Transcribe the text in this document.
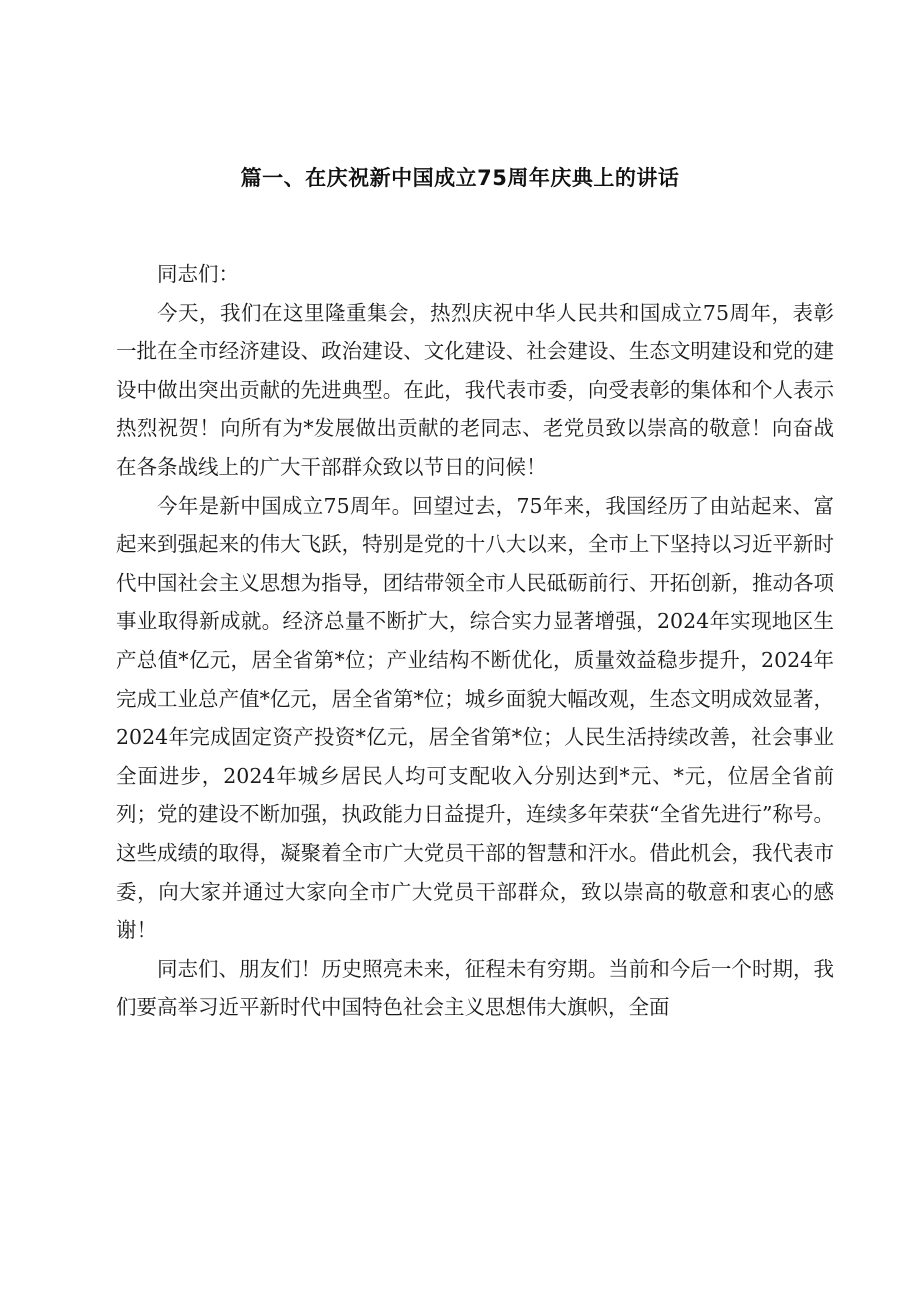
篇一、在庆祝新中国成立75周年庆典上的讲话

同志们：

今天，我们在这里隆重集会，热烈庆祝中华人民共和国成立75周年，表彰一批在全市经济建设、政治建设、文化建设、社会建设、生态文明建设和党的建设中做出突出贡献的先进典型。在此，我代表市委，向受表彰的集体和个人表示热烈祝贺！向所有为*发展做出贡献的老同志、老党员致以崇高的敬意！向奋战在各条战线上的广大干部群众致以节日的问候！

今年是新中国成立75周年。回望过去，75年来，我国经历了由站起来、富起来到强起来的伟大飞跃，特别是党的十八大以来，全市上下坚持以习近平新时代中国社会主义思想为指导，团结带领全市人民砥砺前行、开拓创新，推动各项事业取得新成就。经济总量不断扩大，综合实力显著增强，2024年实现地区生产总值*亿元，居全省第*位；产业结构不断优化，质量效益稳步提升，2024年完成工业总产值*亿元，居全省第*位；城乡面貌大幅改观，生态文明成效显著，2024年完成固定资产投资*亿元，居全省第*位；人民生活持续改善，社会事业全面进步，2024年城乡居民人均可支配收入分别达到*元、*元，位居全省前列；党的建设不断加强，执政能力日益提升，连续多年荣获“全省先进行”称号。这些成绩的取得，凝聚着全市广大党员干部的智慧和汗水。借此机会，我代表市委，向大家并通过大家向全市广大党员干部群众，致以崇高的敬意和衷心的感谢！

同志们、朋友们！历史照亮未来，征程未有穷期。当前和今后一个时期，我们要高举习近平新时代中国特色社会主义思想伟大旗帜，全面
